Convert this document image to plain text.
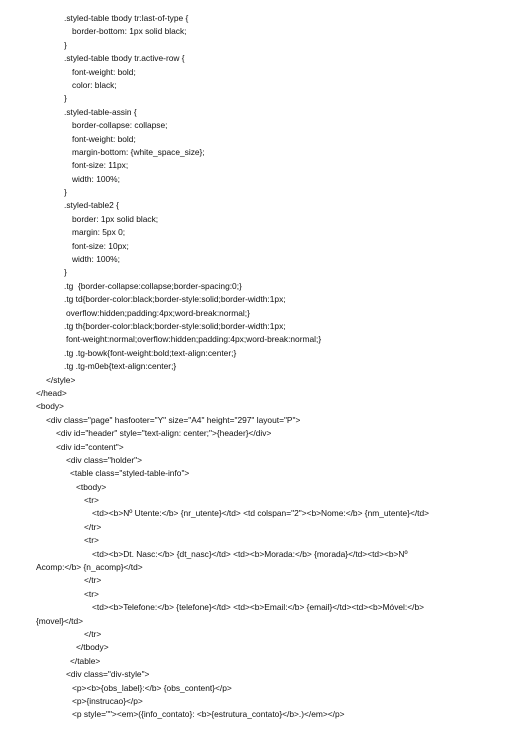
.styled-table tbody tr:last-of-type {
border-bottom: 1px solid black;
}
.styled-table tbody tr.active-row {
font-weight: bold;
color: black;
}
.styled-table-assin {
border-collapse: collapse;
font-weight: bold;
margin-bottom: {white_space_size};
font-size: 11px;
width: 100%;
}
.styled-table2 {
border: 1px solid black;
margin: 5px 0;
font-size: 10px;
width: 100%;
}
.tg  {border-collapse:collapse;border-spacing:0;}
.tg td{border-color:black;border-style:solid;border-width:1px;
overflow:hidden;padding:4px;word-break:normal;}
.tg th{border-color:black;border-style:solid;border-width:1px;
font-weight:normal;overflow:hidden;padding:4px;word-break:normal;}
.tg .tg-bowk{font-weight:bold;text-align:center;}
.tg .tg-m0eb{text-align:center;}
</style>
</head>
<body>
<div class="page" hasfooter="Y" size="A4" height="297" layout="P">
<div id="header" style="text-align: center;">{header}</div>
<div id="content">
<div class="holder">
<table class="styled-table-info">
<tbody>
<tr>
<td><b>Nº Utente:</b> {nr_utente}</td> <td colspan="2"><b>Nome:</b> {nm_utente}</td>
</tr>
<tr>
<td><b>Dt. Nasc:</b> {dt_nasc}</td> <td><b>Morada:</b> {morada}</td><td><b>Nº
Acomp:</b> {n_acomp}</td>
</tr>
<tr>
<td><b>Telefone:</b> {telefone}</td> <td><b>Email:</b> {email}</td><td><b>Móvel:</b>
{movel}</td>
</tr>
</tbody>
</table>
<div class="div-style">
<p><b>{obs_label}:</b> {obs_content}</p>
<p>{instrucao}</p>
<p style=""><em>({info_contato}: <b>{estrutura_contato}</b>.)</em></p>
